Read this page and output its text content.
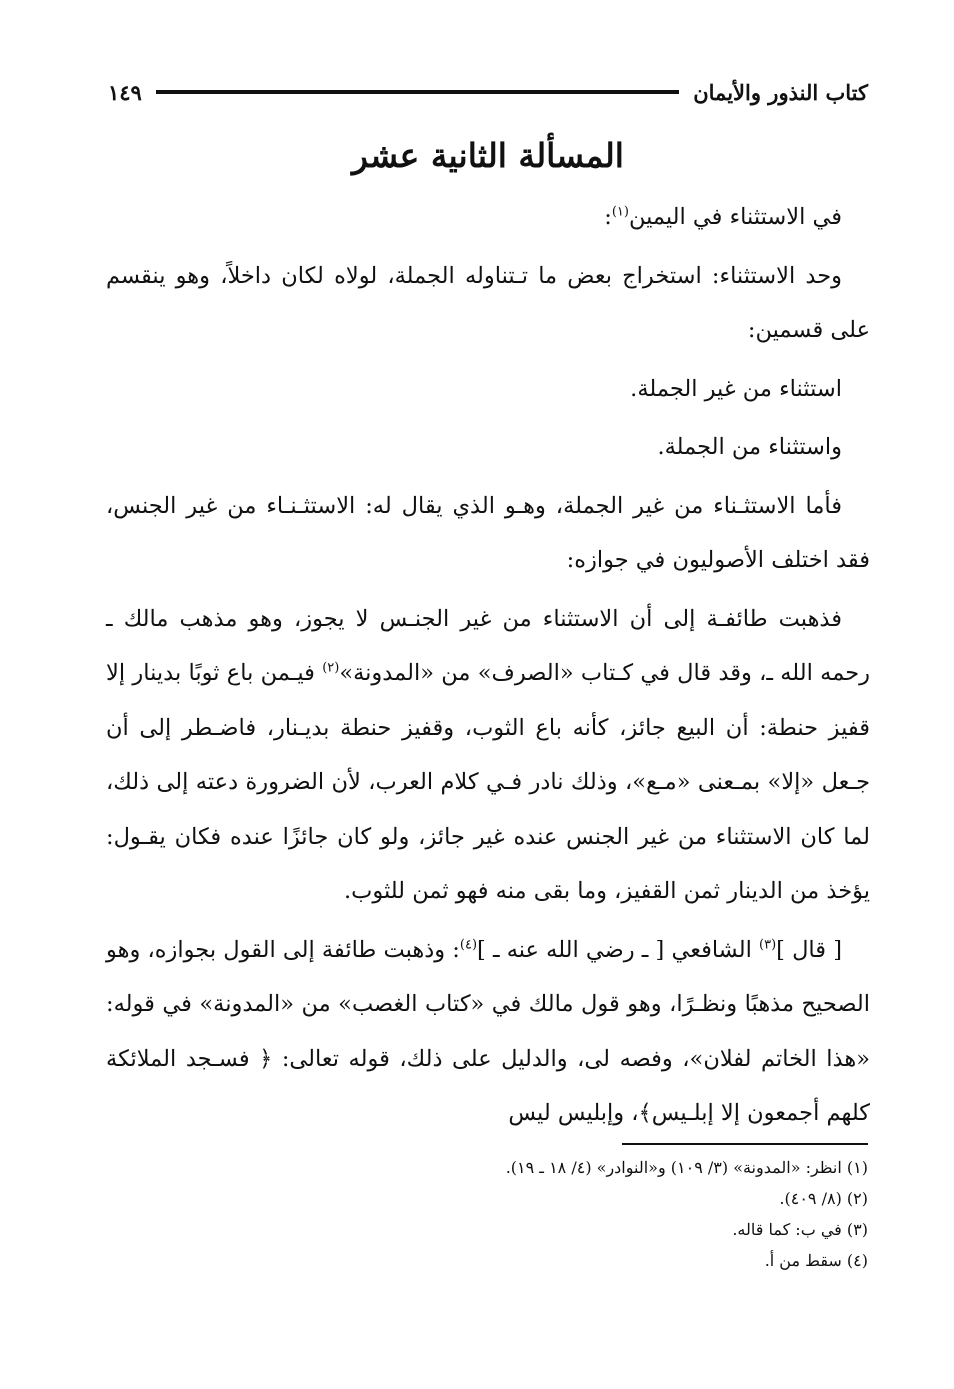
كتاب النذور والأيمان
١٤٩
المسألة الثانية عشر

في الاستثناء في اليمين$^{(١)}$:

وحد الاستثناء: استخراج بعض ما تـتناوله الجملة، لولاه لكان داخلاً، وهو ينقسم على قسمين:

استثناء من غير الجملة.

واستثناء من الجملة.

فأما الاستثـناء من غير الجملة، وهـو الذي يقال له: الاستثـنـاء من غير الجنس، فقد اختلف الأصوليون في جوازه:

فذهبت طائفـة إلى أن الاستثناء من غير الجنـس لا يجوز، وهو مذهب مالك ـ رحمه الله ـ، وقد قال في كـتاب «الصرف» من «المدونة»$^{(٢)}$ فيـمن باع ثوبًا بدينار إلا قفيز حنطة: أن البيع جائز، كأنه باع الثوب، وقفيز حنطة بديـنار، فاضـطر إلى أن جـعل «إلا» بمـعنى «مـع»، وذلك نادر فـي كلام العرب، لأن الضرورة دعته إلى ذلك، لما كان الاستثناء من غير الجنس عنده غير جائز، ولو كان جائزًا عنده فكان يقـول: يؤخذ من الدينار ثمن القفيز، وما بقى منه فهو ثمن للثوب.

[ قال ]$^{(٣)}$ الشافعي [ ـ رضي الله عنه ـ ]$^{(٤)}$: وذهبت طائفة إلى القول بجوازه، وهو الصحيح مذهبًا ونظـرًا، وهو قول مالك في «كتاب الغصب» من «المدونة» في قوله: «هذا الخاتم لفلان»، وفصه لى، والدليل على ذلك، قوله تعالى: ﴿ فسـجد الملائكة كلهم أجمعون إلا إبلـيس﴾، وإبليس ليس

(١) انظر: «المدونة» (٣/ ١٠٩) و«النوادر» (٤/ ١٨ ـ ١٩).

(٢) (٨/ ٤٠٩).

(٣) في ب: كما قاله.

(٤) سقط من أ.
